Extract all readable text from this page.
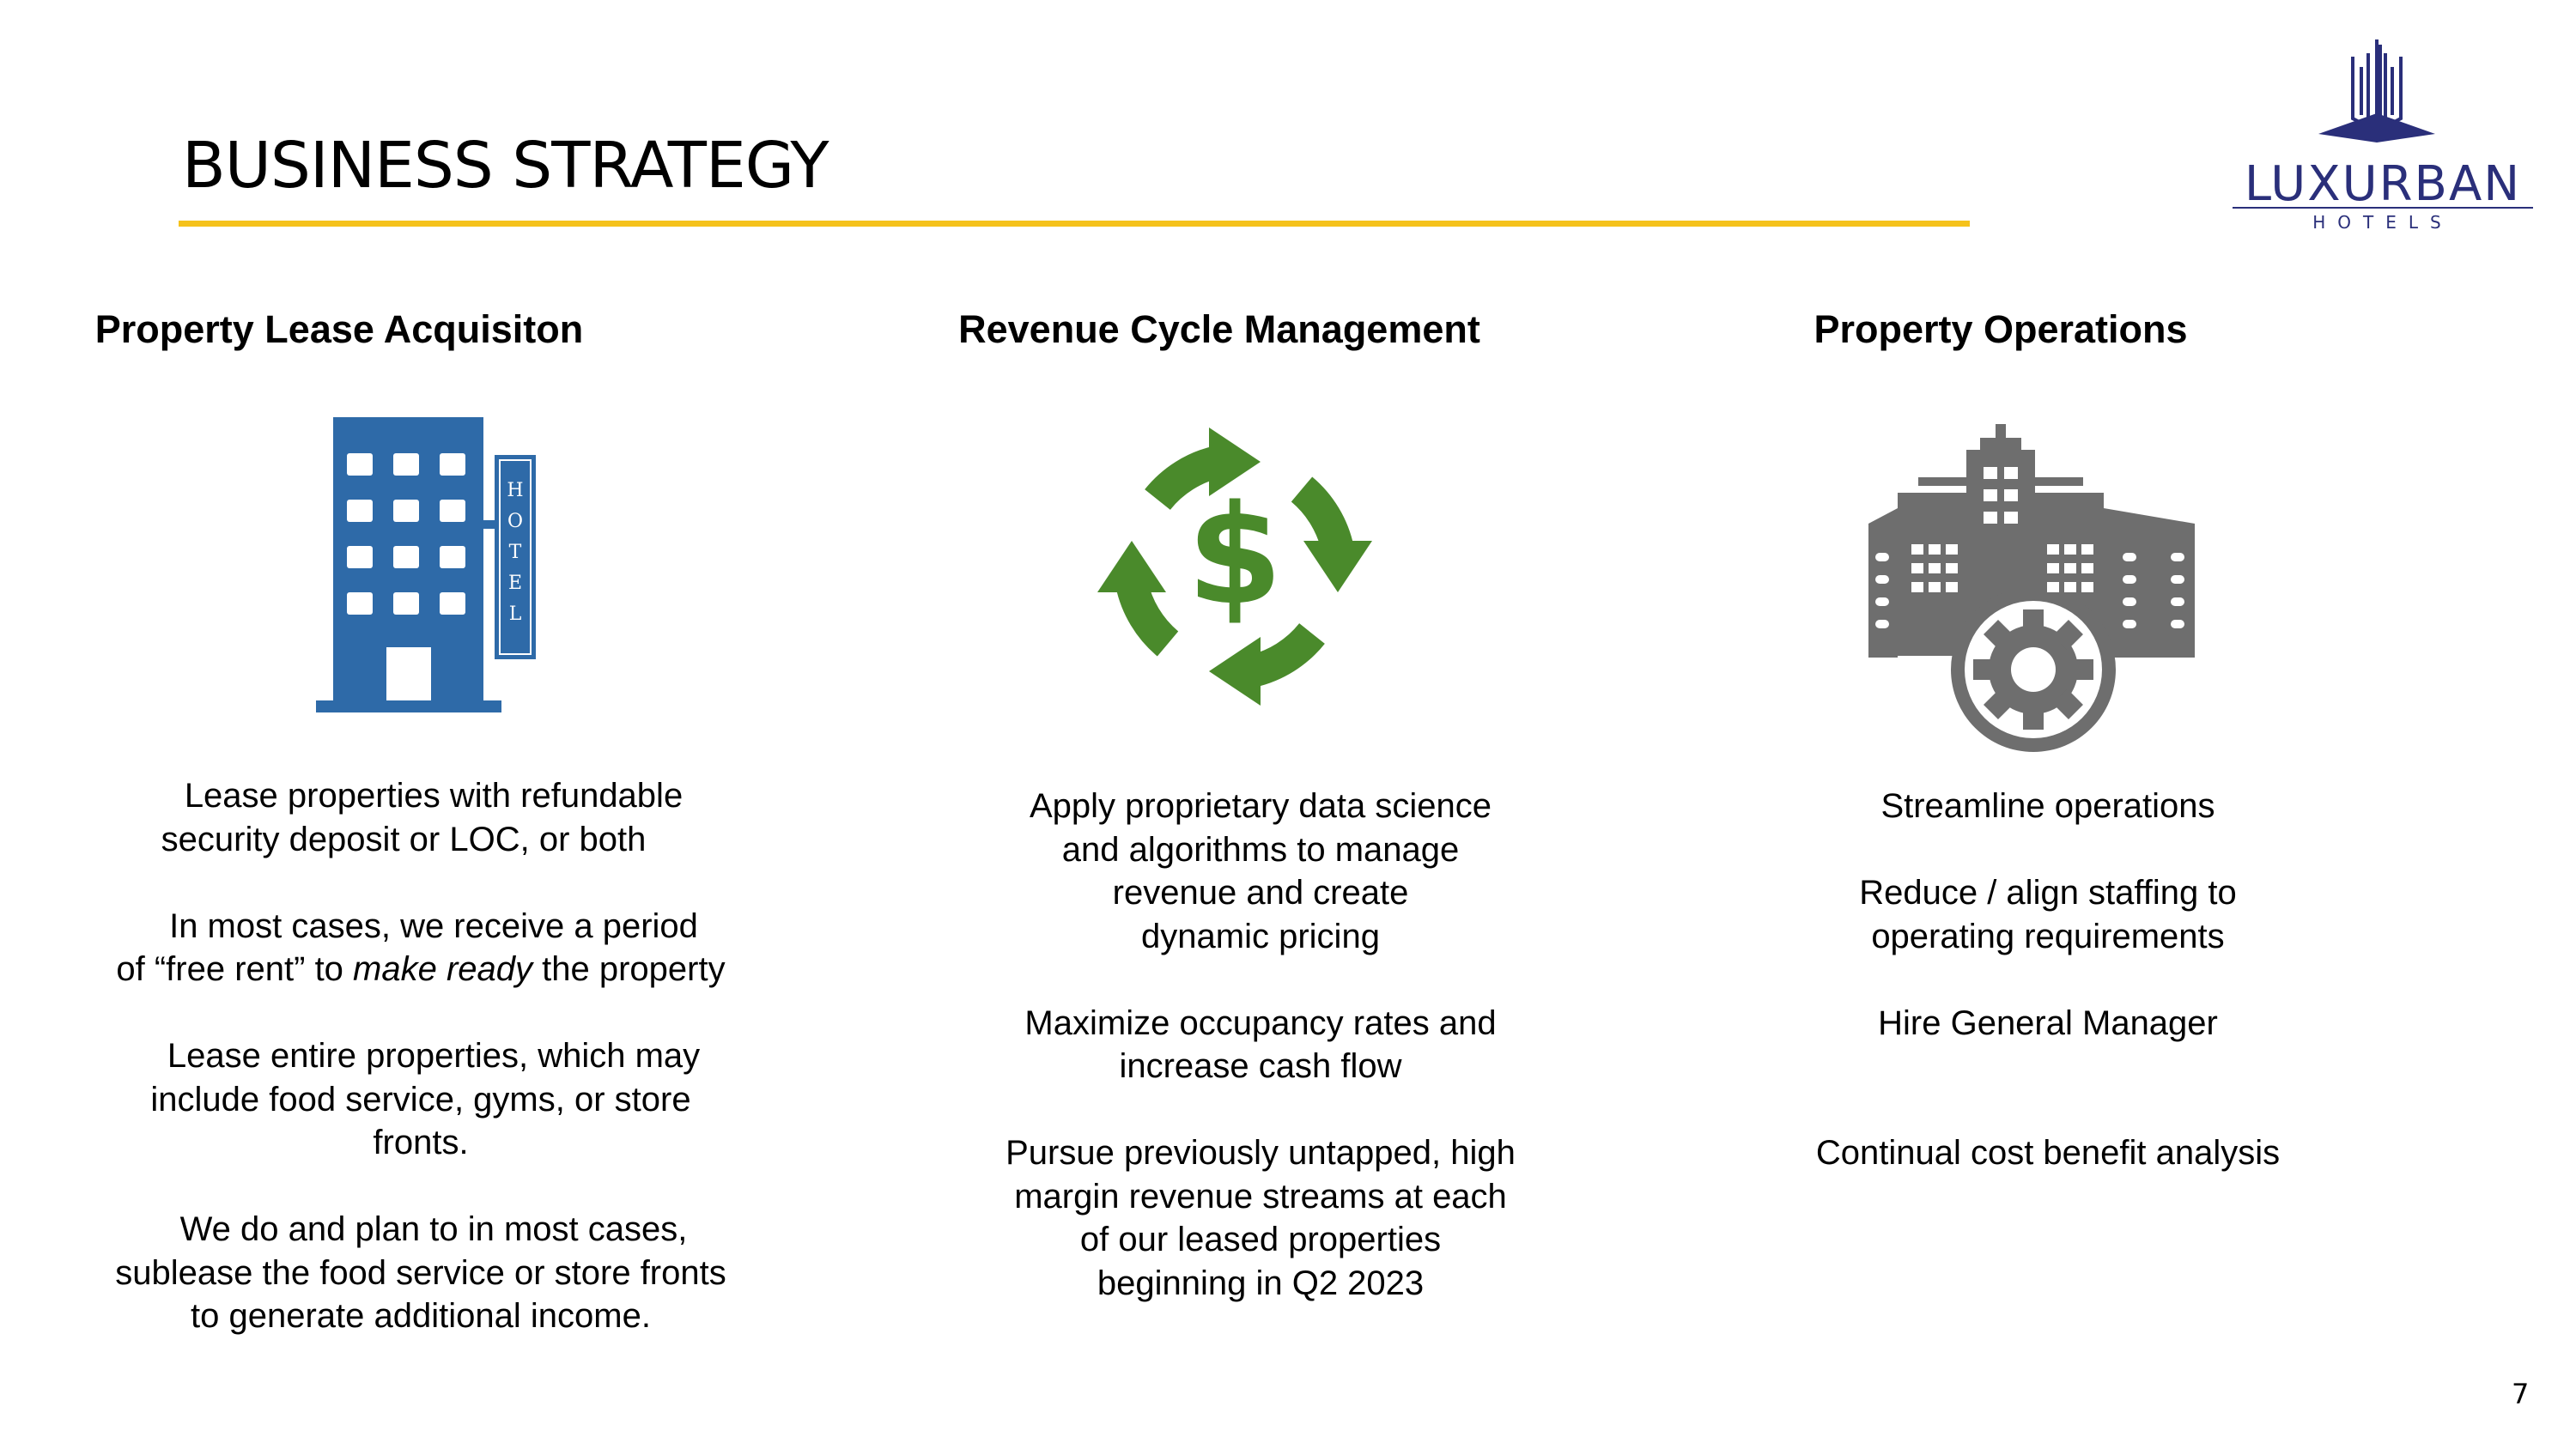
BUSINESS STRATEGY	LUXURBAN
HOTELS
Property Lease Acquisiton
H
O
T
E
L

Lease properties with refundable
security deposit or LOC, or both

In most cases, we receive a period
of “free rent” to make ready the property

Lease entire properties, which may
include food service, gyms, or store
fronts.

We do and plan to in most cases,
sublease the food service or store fronts
to generate additional income.

Revenue Cycle Management
$

Apply proprietary data science
and algorithms to manage
revenue and create
dynamic pricing

Maximize occupancy rates and
increase cash flow

Pursue previously untapped, high
margin revenue streams at each
of our leased properties
beginning in Q2 2023

Property Operations

Streamline operations

Reduce / align staffing to
operating requirements

Hire General Manager

Continual cost benefit analysis

7
